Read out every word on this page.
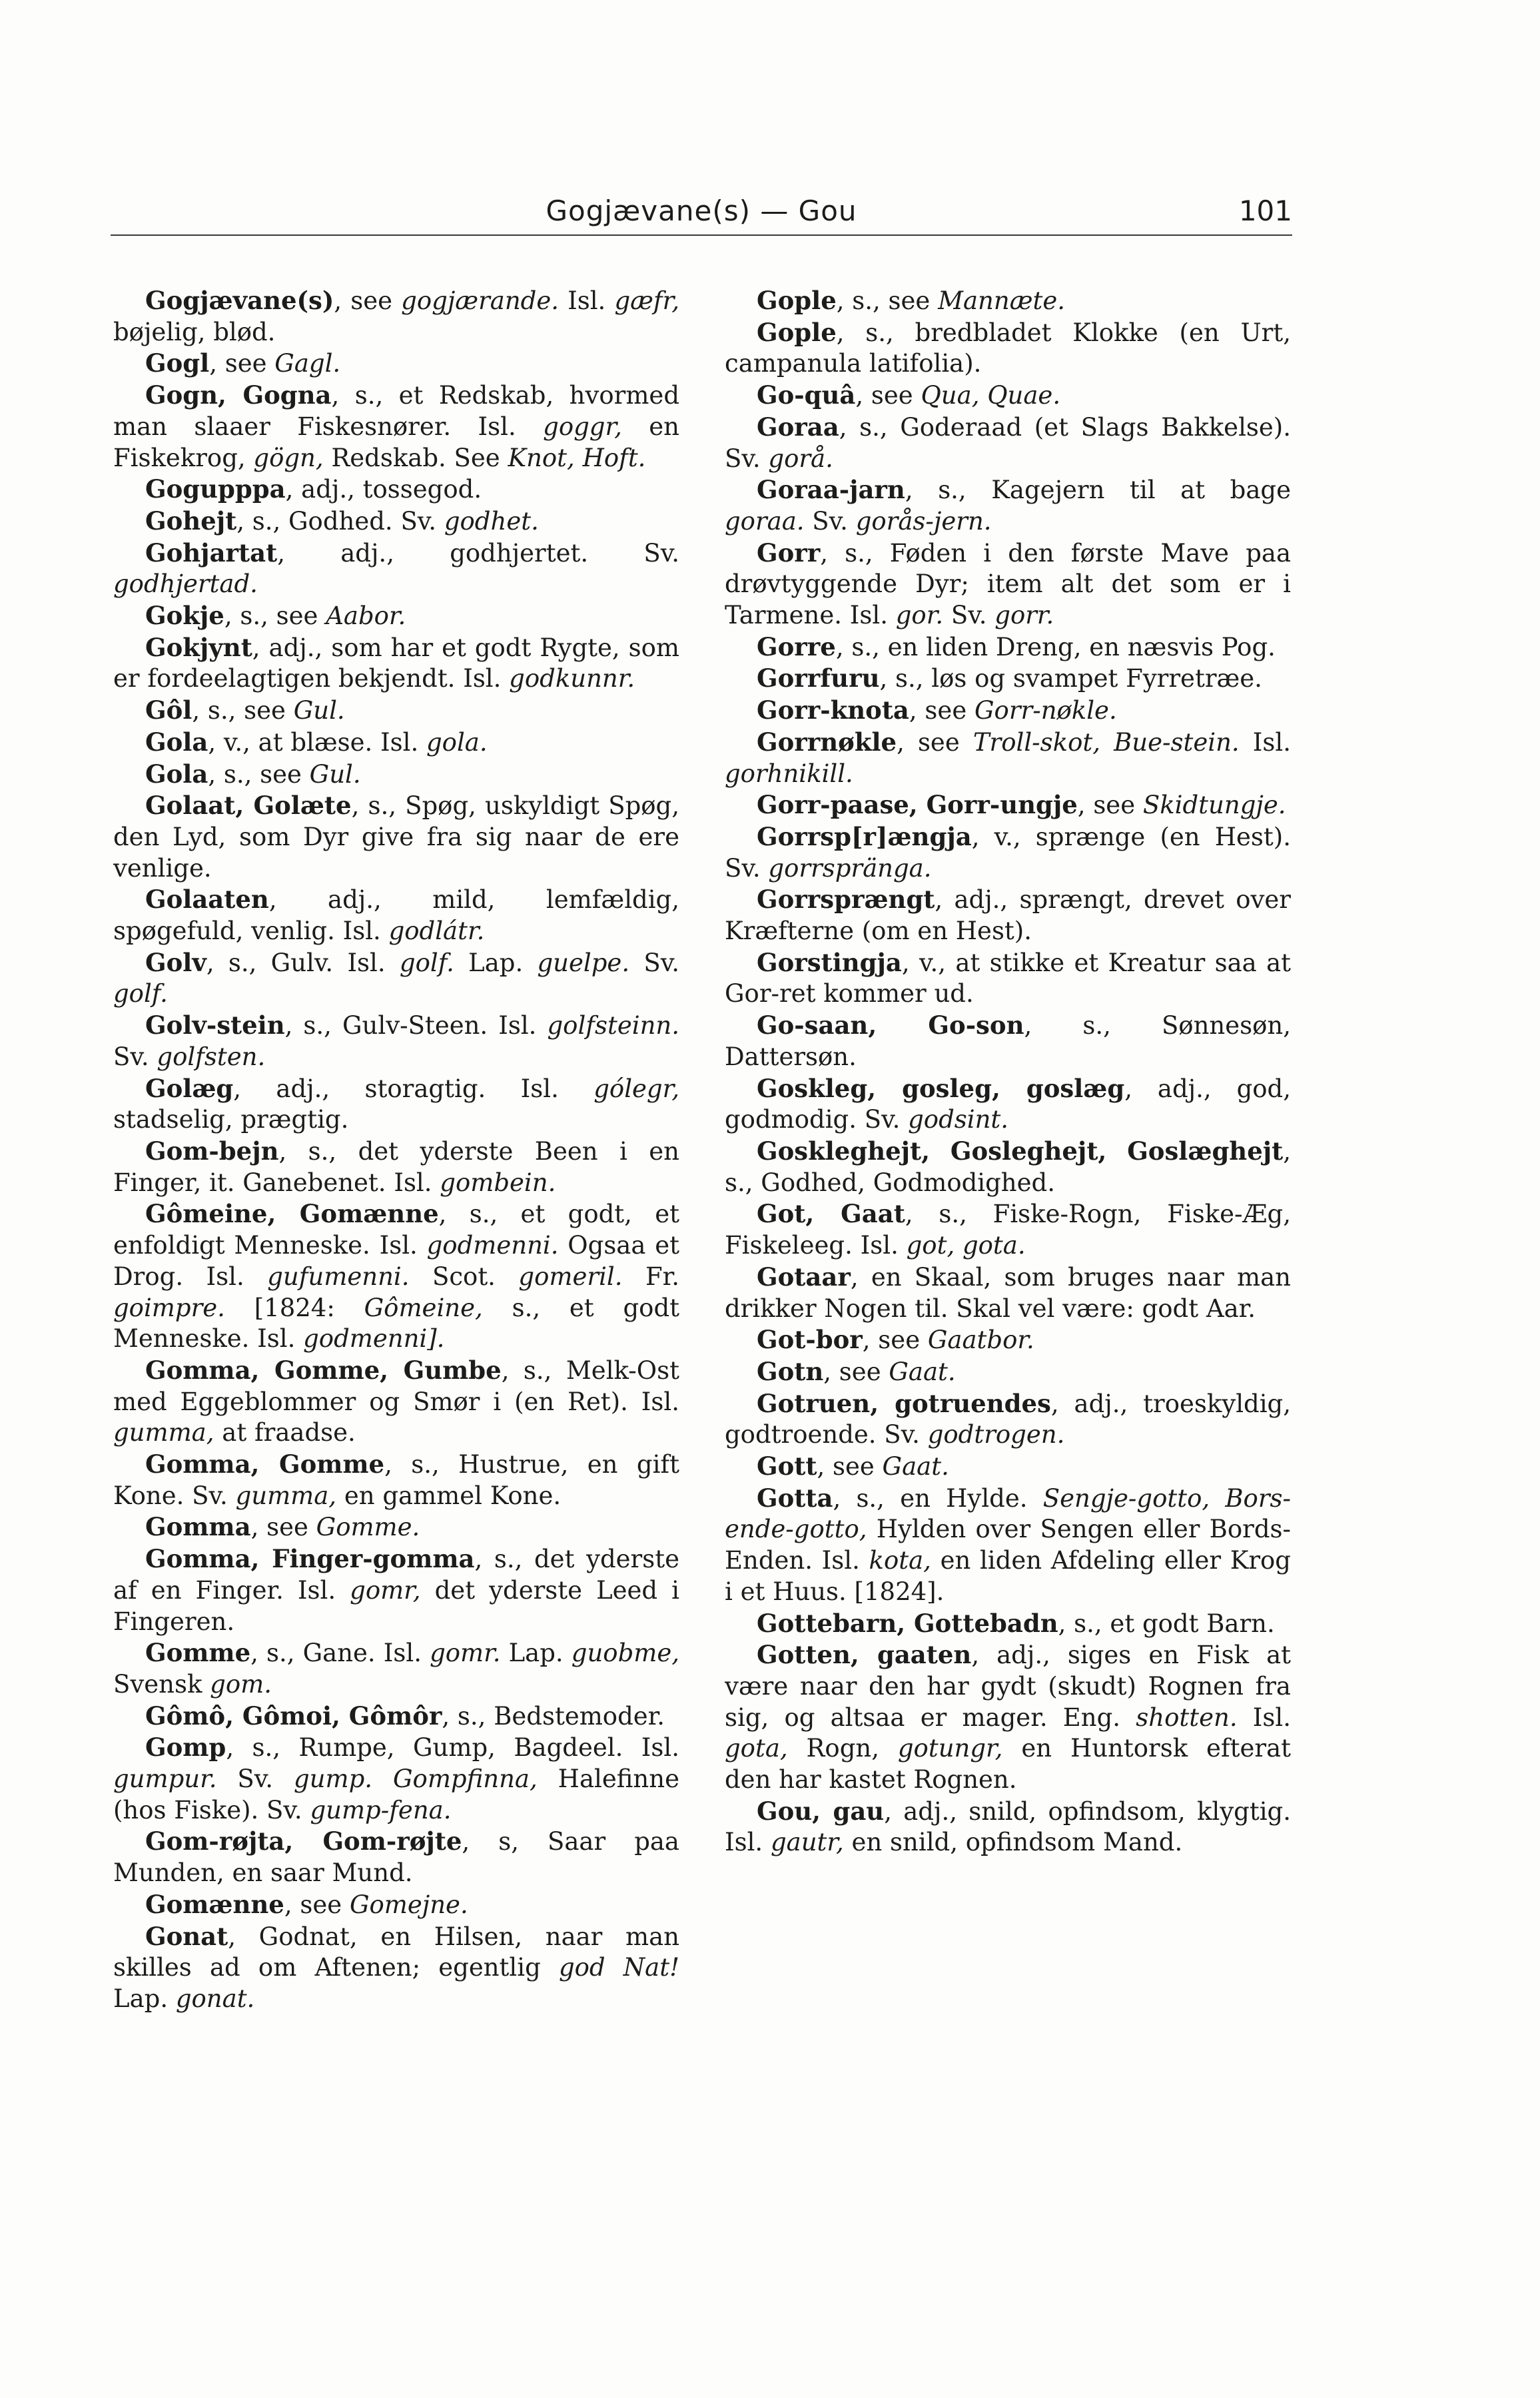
Gogjævane(s) — Gou	101

Gogjævane(s), see gogjærande. Isl. gæfr, bøjelig, blød.

Gogl, see Gagl.

Gogn, Gogna, s., et Redskab, hvormed man slaaer Fiskesnører. Isl. goggr, en Fiskekrog, gögn, Redskab. See Knot, Hoft.

Gogupppa, adj., tossegod.

Gohejt, s., Godhed. Sv. godhet.

Gohjartat, adj., godhjertet. Sv. godhjertad.

Gokje, s., see Aabor.

Gokjynt, adj., som har et godt Rygte, som er fordeelagtigen bekjendt. Isl. godkunnr.

Gôl, s., see Gul.

Gola, v., at blæse. Isl. gola.

Gola, s., see Gul.

Golaat, Golæte, s., Spøg, uskyldigt Spøg, den Lyd, som Dyr give fra sig naar de ere venlige.

Golaaten, adj., mild, lemfældig, spøgefuld, venlig. Isl. godlátr.

Golv, s., Gulv. Isl. golf. Lap. guelpe. Sv. golf.

Golv-stein, s., Gulv-Steen. Isl. golfsteinn. Sv. golfsten.

Golæg, adj., storagtig. Isl. gólegr, stadselig, prægtig.

Gom-bejn, s., det yderste Been i en Finger, it. Ganebenet. Isl. gombein.

Gômeine, Gomænne, s., et godt, et enfoldigt Menneske. Isl. godmenni. Ogsaa et Drog. Isl. gufumenni. Scot. gomeril. Fr. goimpre. [1824: Gômeine, s., et godt Menneske. Isl. godmenni].

Gomma, Gomme, Gumbe, s., Melk-Ost med Eggeblommer og Smør i (en Ret). Isl. gumma, at fraadse.

Gomma, Gomme, s., Hustrue, en gift Kone. Sv. gumma, en gammel Kone.

Gomma, see Gomme.

Gomma, Finger-gomma, s., det yderste af en Finger. Isl. gomr, det yderste Leed i Fingeren.

Gomme, s., Gane. Isl. gomr. Lap. guobme, Svensk gom.

Gômô, Gômoi, Gômôr, s., Bedstemoder.

Gomp, s., Rumpe, Gump, Bagdeel. Isl. gumpur. Sv. gump. Gompfinna, Halefinne (hos Fiske). Sv. gump-fena.

Gom-røjta, Gom-røjte, s, Saar paa Munden, en saar Mund.

Gomænne, see Gomejne.

Gonat, Godnat, en Hilsen, naar man skilles ad om Aftenen; egentlig god Nat! Lap. gonat.

Gople, s., see Mannæte.

Gople, s., bredbladet Klokke (en Urt, campanula latifolia).

Go-quâ, see Qua, Quae.

Goraa, s., Goderaad (et Slags Bakkelse). Sv. gorå.

Goraa-jarn, s., Kagejern til at bage goraa. Sv. gorås-jern.

Gorr, s., Føden i den første Mave paa drøvtyggende Dyr; item alt det som er i Tarmene. Isl. gor. Sv. gorr.

Gorre, s., en liden Dreng, en næsvis Pog.

Gorrfuru, s., løs og svampet Fyrretræe.

Gorr-knota, see Gorr-nøkle.

Gorrnøkle, see Troll-skot, Bue-stein. Isl. gorhnikill.

Gorr-paase, Gorr-ungje, see Skidtungje.

Gorrsp[r]ængja, v., sprænge (en Hest). Sv. gorrspränga.

Gorrsprængt, adj., sprængt, drevet over Kræfterne (om en Hest).

Gorstingja, v., at stikke et Kreatur saa at Gor-ret kommer ud.

Go-saan, Go-son, s., Sønnesøn, Dattersøn.

Goskleg, gosleg, goslæg, adj., god, godmodig. Sv. godsint.

Goskleghejt, Gosleghejt, Goslæghejt, s., Godhed, Godmodighed.

Got, Gaat, s., Fiske-Rogn, Fiske-Æg, Fiskeleeg. Isl. got, gota.

Gotaar, en Skaal, som bruges naar man drikker Nogen til. Skal vel være: godt Aar.

Got-bor, see Gaatbor.

Gotn, see Gaat.

Gotruen, gotruendes, adj., troeskyldig, godtroende. Sv. godtrogen.

Gott, see Gaat.

Gotta, s., en Hylde. Sengje-gotto, Bors-ende-gotto, Hylden over Sengen eller Bords-Enden. Isl. kota, en liden Afdeling eller Krog i et Huus. [1824].

Gottebarn, Gottebadn, s., et godt Barn.

Gotten, gaaten, adj., siges en Fisk at være naar den har gydt (skudt) Rognen fra sig, og altsaa er mager. Eng. shotten. Isl. gota, Rogn, gotungr, en Huntorsk efterat den har kastet Rognen.

Gou, gau, adj., snild, opfindsom, klygtig. Isl. gautr, en snild, opfindsom Mand.
